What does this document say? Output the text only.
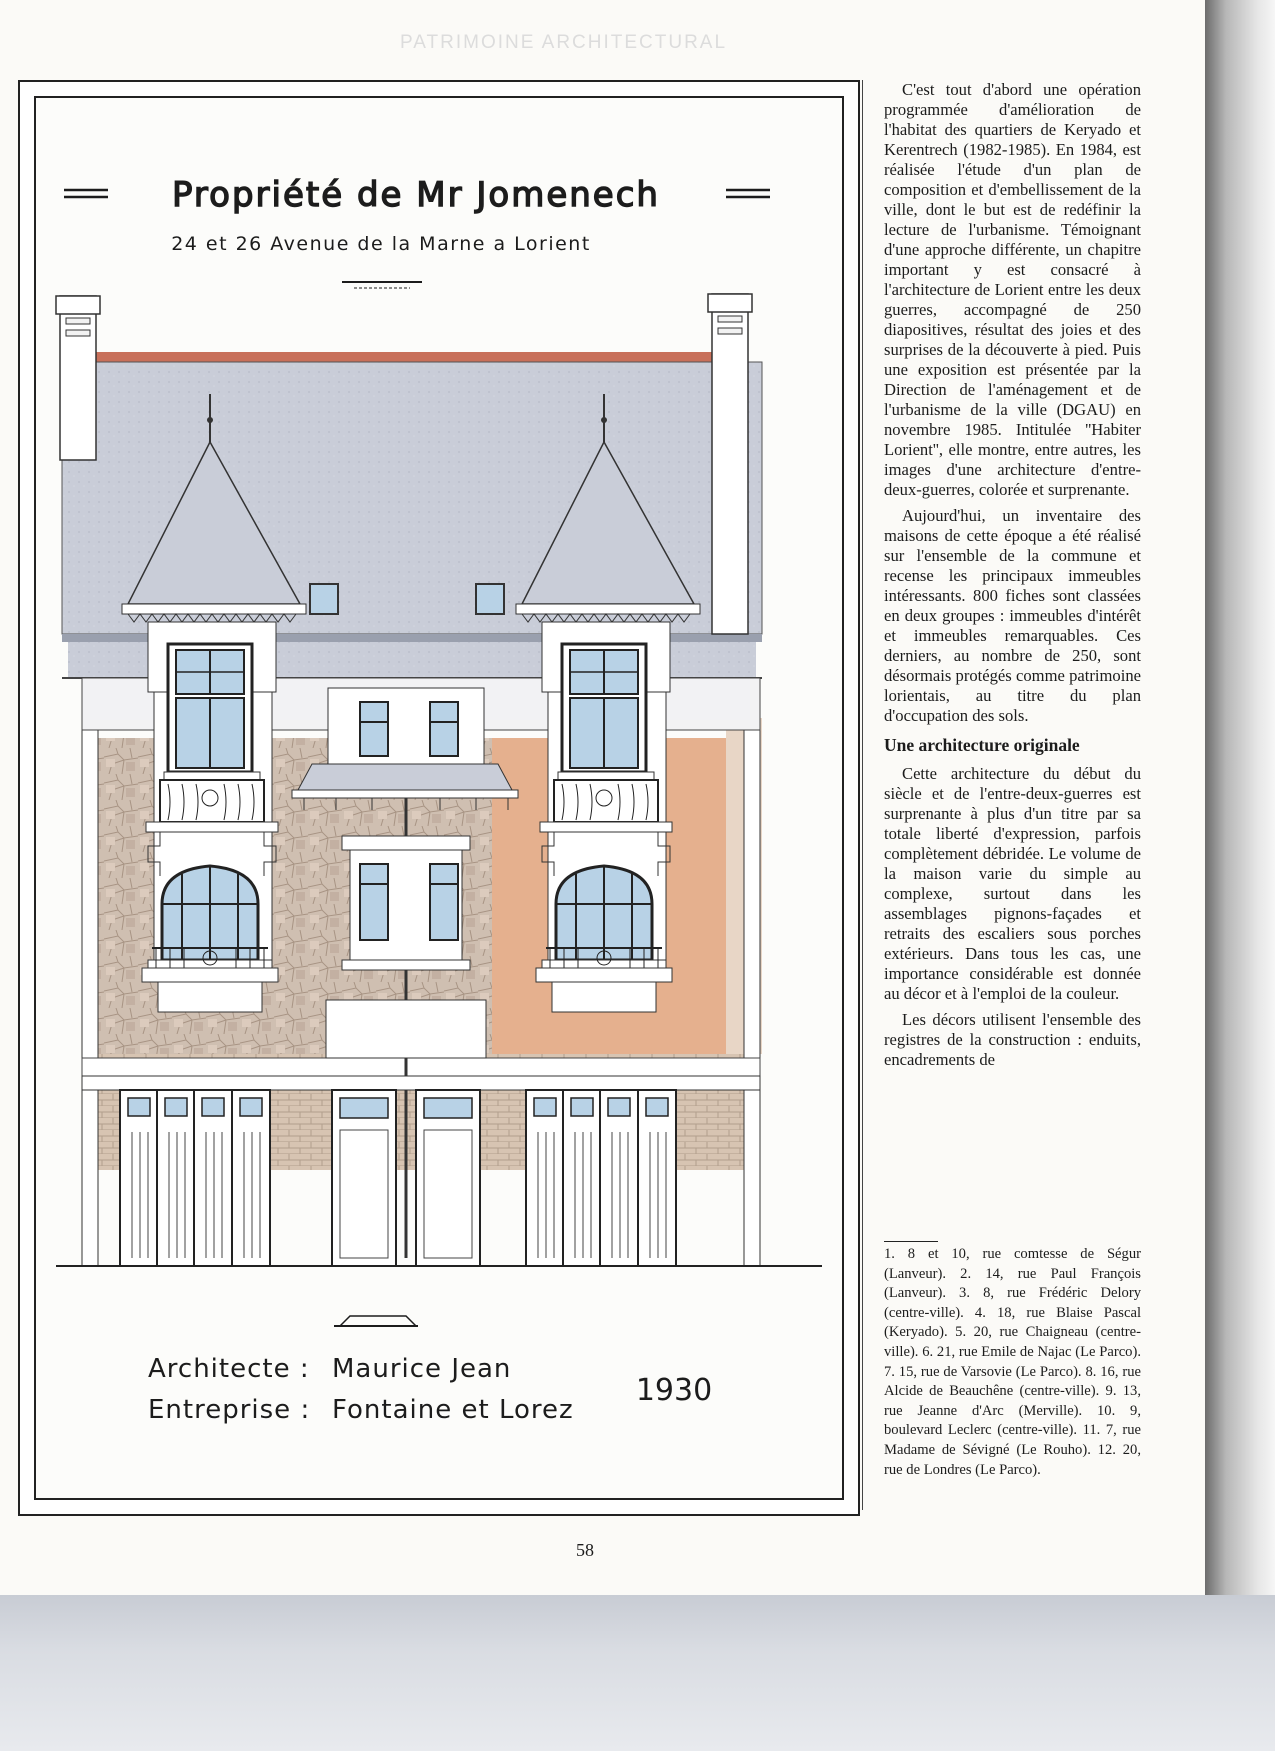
PATRIMOINE ARCHITECTURAL
Propriété de Mr Jomenech
24 et 26 Avenue de la Marne a Lorient
Architecte : Maurice Jean
Entreprise : Fontaine et Lorez
1930

C'est tout d'abord une opération programmée d'amélioration de l'habitat des quartiers de Keryado et Kerentrech (1982-1985). En 1984, est réalisée l'étude d'un plan de composition et d'embellissement de la ville, dont le but est de redéfinir la lecture de l'urbanisme. Témoignant d'une approche différente, un chapitre important y est consacré à l'architecture de Lorient entre les deux guerres, accompagné de 250 diapositives, résultat des joies et des surprises de la découverte à pied. Puis une exposition est présentée par la Direction de l'aménagement et de l'urbanisme de la ville (DGAU) en novembre 1985. Intitulée ''Habiter Lorient'', elle montre, entre autres, les images d'une architecture d'entre-deux-guerres, colorée et surprenante.

Aujourd'hui, un inventaire des maisons de cette époque a été réalisé sur l'ensemble de la commune et recense les principaux immeubles intéressants. 800 fiches sont classées en deux groupes : immeubles d'intérêt et immeubles remarquables. Ces derniers, au nombre de 250, sont désormais protégés comme patrimoine lorientais, au titre du plan d'occupation des sols.

Une architecture originale

Cette architecture du début du siècle et de l'entre-deux-guerres est surprenante à plus d'un titre par sa totale liberté d'expression, parfois complètement débridée. Le volume de la maison varie du simple au complexe, surtout dans les assemblages pignons-façades et retraits des escaliers sous porches extérieurs. Dans tous les cas, une importance considérable est donnée au décor et à l'emploi de la couleur.

Les décors utilisent l'ensemble des registres de la construction : enduits, encadrements de

1. 8 et 10, rue comtesse de Ségur (Lanveur). 2. 14, rue Paul François (Lanveur). 3. 8, rue Frédéric Delory (centre-ville). 4. 18, rue Blaise Pascal (Keryado). 5. 20, rue Chaigneau (centre-ville). 6. 21, rue Emile de Najac (Le Parco). 7. 15, rue de Varsovie (Le Parco). 8. 16, rue Alcide de Beauchêne (centre-ville). 9. 13, rue Jeanne d'Arc (Merville). 10. 9, boulevard Leclerc (centre-ville). 11. 7, rue Madame de Sévigné (Le Rouho). 12. 20, rue de Londres (Le Parco).
58
